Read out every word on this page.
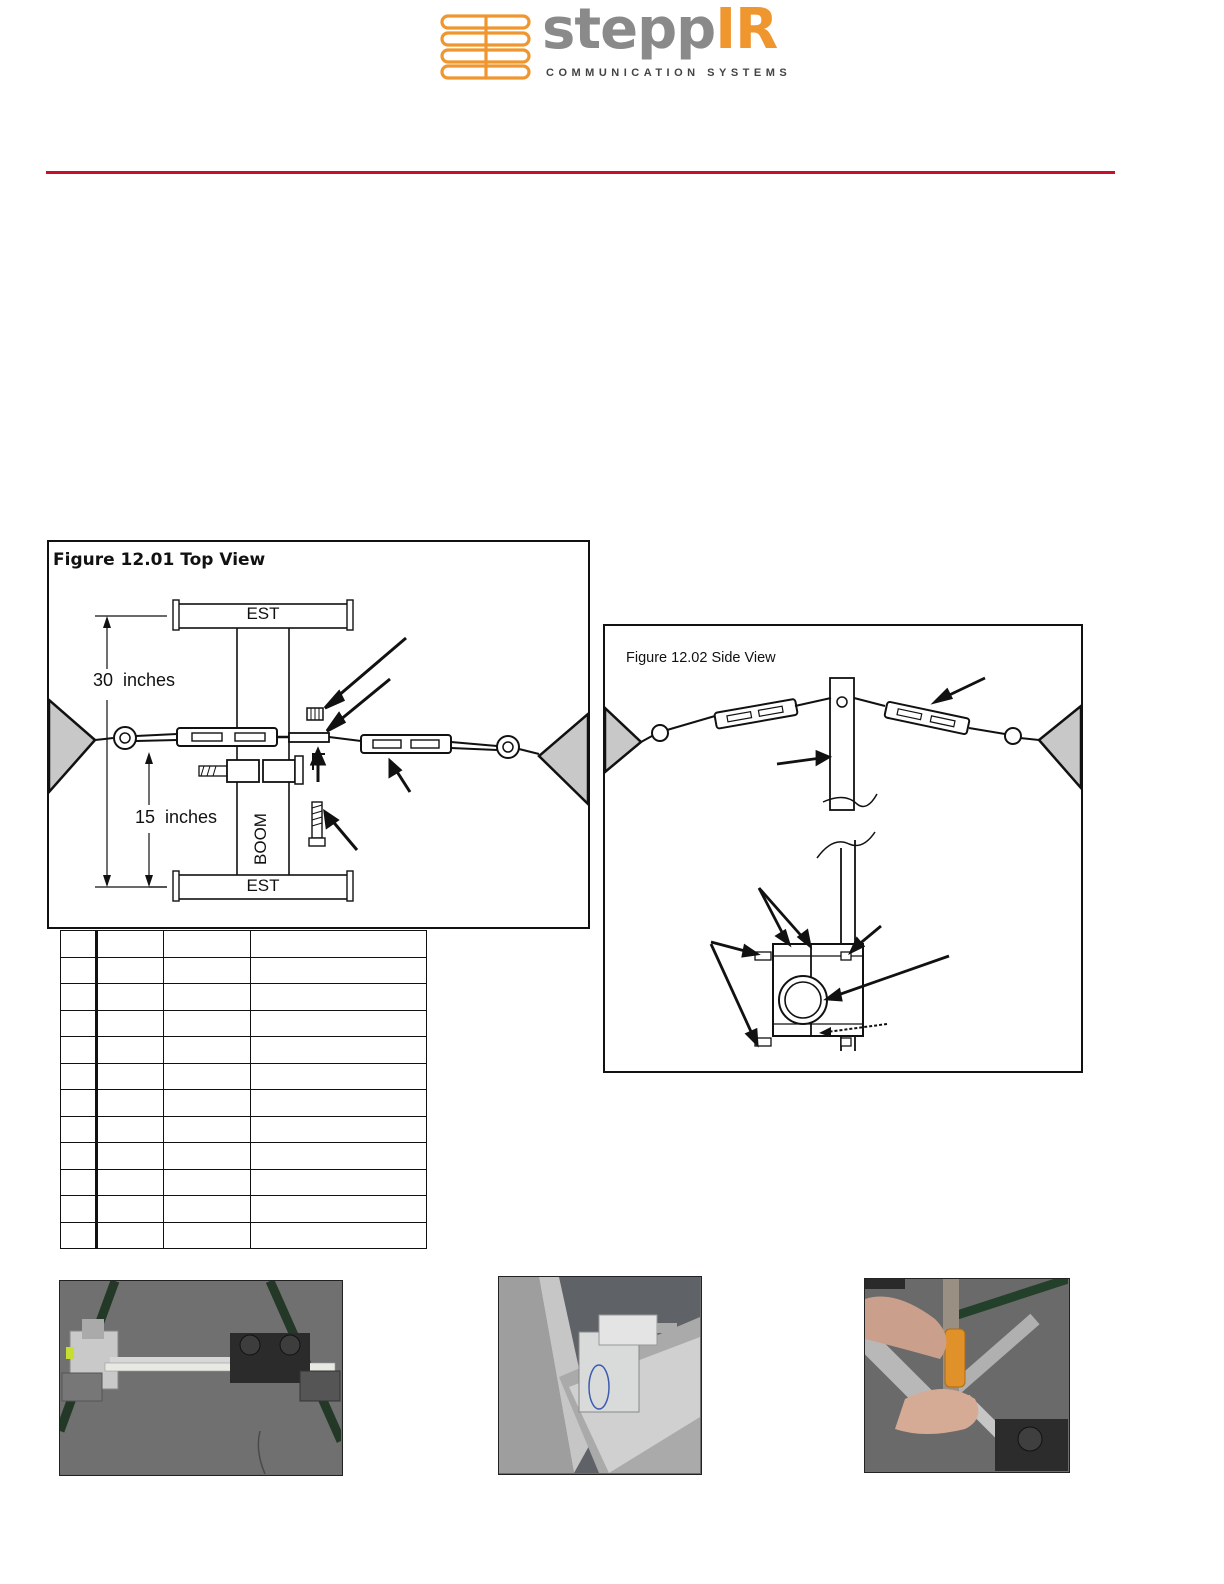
steppIR
COMMUNICATION SYSTEMS
Figure 12.01 Top View
EST
EST
30  inches
15  inches BOOM
Figure 12.02 Side View
